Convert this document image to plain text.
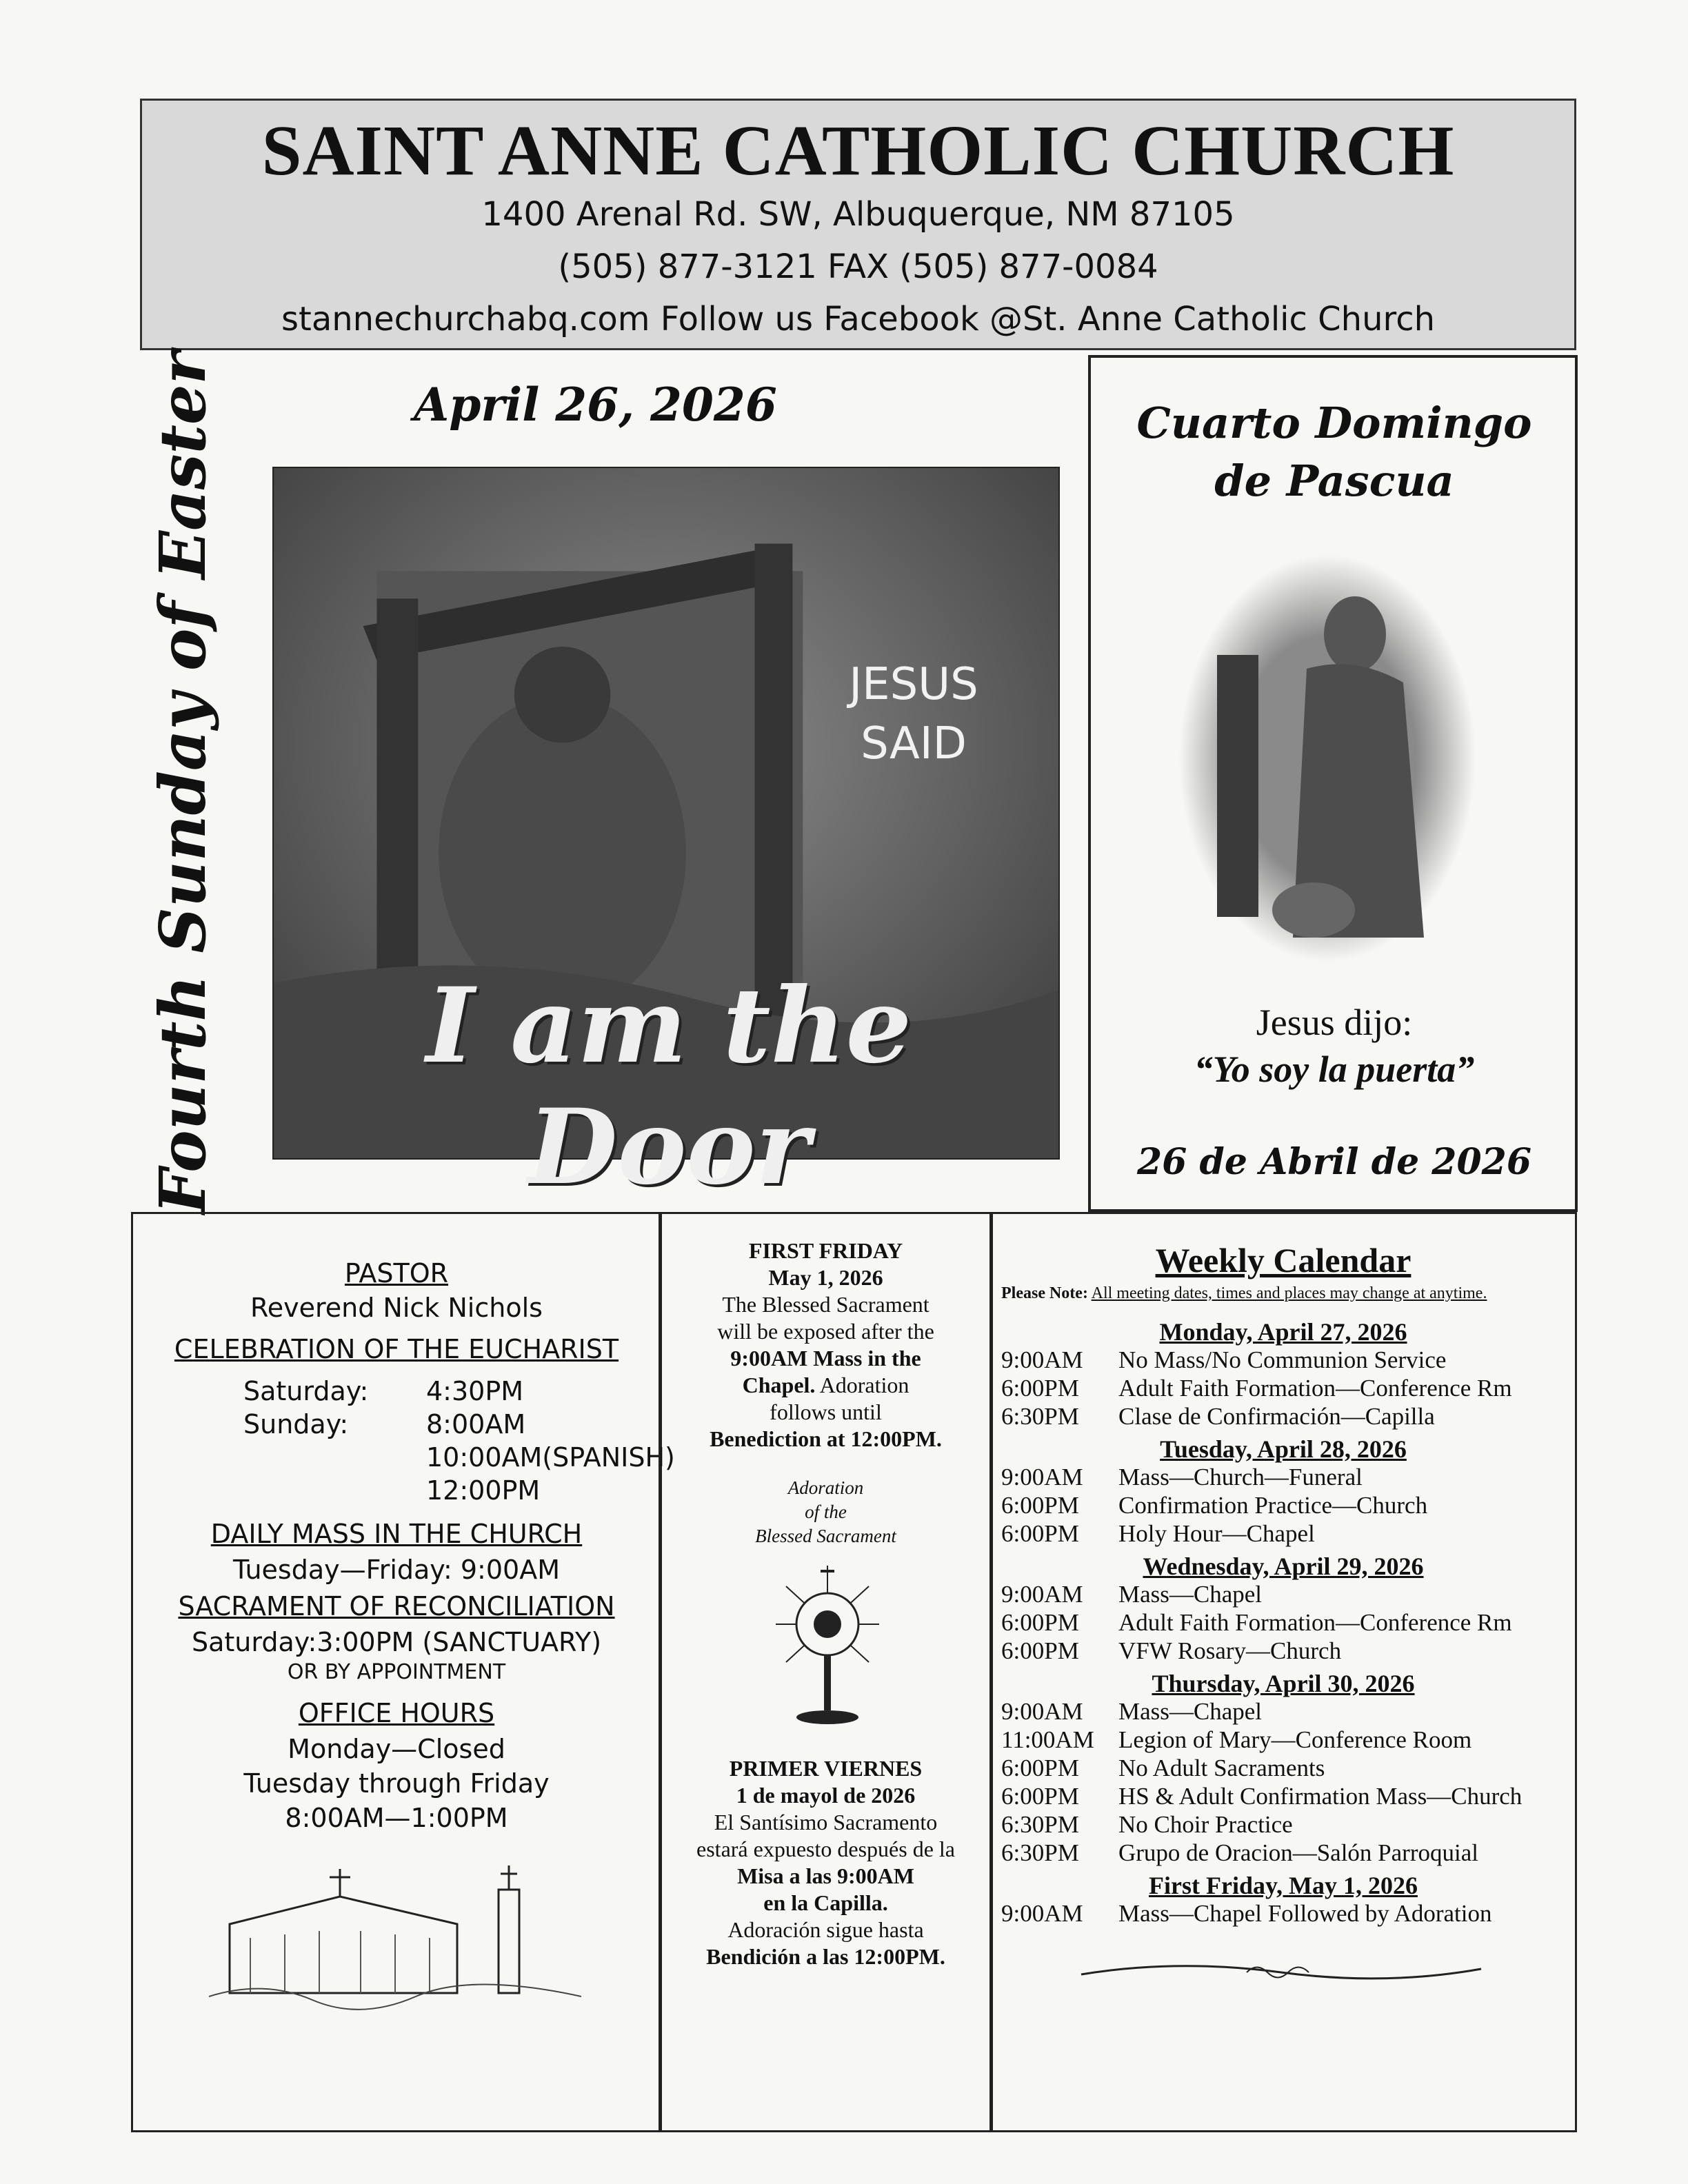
SAINT ANNE CATHOLIC CHURCH
1400 Arenal Rd. SW, Albuquerque, NM 87105
(505) 877-3121 FAX (505) 877-0084
stannechurchabq.com Follow us Facebook @St. Anne Catholic Church
Fourth Sunday of Easter	April 26, 2026
JESUS
SAID
I am the Door
Cuarto Domingo
de Pascua
Jesus dijo:
“Yo soy la puerta”
26 de Abril de 2026
PASTOR
Reverend Nick Nichols
CELEBRATION OF THE EUCHARIST
Saturday: 4:30PM
Sunday:	8:00AM
10:00AM(SPANISH)
12:00PM
DAILY MASS IN THE CHURCH
Tuesday—Friday: 9:00AM
SACRAMENT OF RECONCILIATION
Saturday:3:00PM (SANCTUARY)
OR BY APPOINTMENT
OFFICE HOURS
Monday—Closed
Tuesday through Friday
8:00AM—1:00PM
FIRST FRIDAY
May 1, 2026
The Blessed Sacrament
will be exposed after the
9:00AM Mass in the
Chapel. Adoration
follows until
Benediction at 12:00PM.
Adoration
of the
Blessed Sacrament
PRIMER VIERNES
1 de mayol de 2026
El Santísimo Sacramento
estará expuesto después de la
Misa a las 9:00AM
en la Capilla.
Adoración sigue hasta
Bendición a las 12:00PM.
Weekly Calendar
Please Note: All meeting dates, times and places may change at anytime.
Monday, April 27, 2026
9:00AM No Mass/No Communion Service
6:00PM Adult Faith Formation—Conference Rm
6:30PM Clase de Confirmación—Capilla
Tuesday, April 28, 2026
9:00AM Mass—Church—Funeral
6:00PM Confirmation Practice—Church
6:00PM Holy Hour—Chapel
Wednesday, April 29, 2026
9:00AM Mass—Chapel
6:00PM Adult Faith Formation—Conference Rm
6:00PM VFW Rosary—Church
Thursday, April 30, 2026
9:00AM Mass—Chapel
11:00AM Legion of Mary—Conference Room
6:00PM No Adult Sacraments
6:00PM HS & Adult Confirmation Mass—Church
6:30PM No Choir Practice
6:30PM Grupo de Oracion—Salón Parroquial
First Friday, May 1, 2026
9:00AM Mass—Chapel Followed by Adoration
